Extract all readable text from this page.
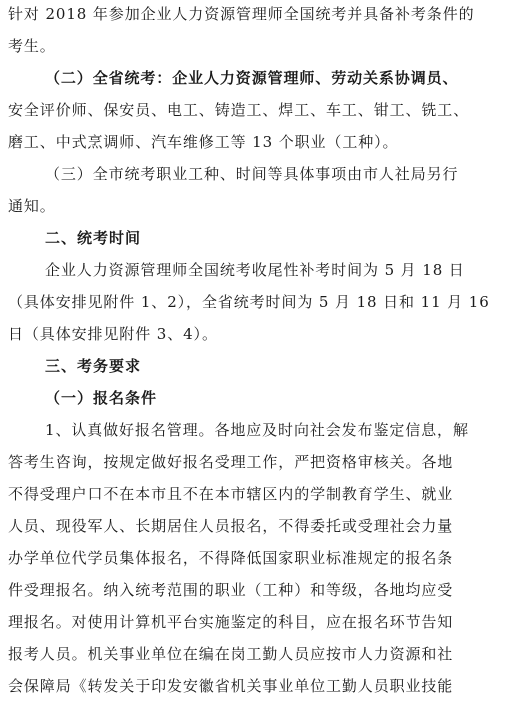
针对 2018 年参加企业人力资源管理师全国统考并具备补考条件的
考生。
（二）全省统考：企业人力资源管理师、劳动关系协调员、
安全评价师、保安员、电工、铸造工、焊工、车工、钳工、铣工、
磨工、中式烹调师、汽车维修工等 13 个职业（工种）。
（三）全市统考职业工种、时间等具体事项由市人社局另行
通知。
二、统考时间
企业人力资源管理师全国统考收尾性补考时间为 5 月 18 日
（具体安排见附件 1、2），全省统考时间为 5 月 18 日和 11 月 16
日（具体安排见附件 3、4）。
三、考务要求
（一）报名条件
1、认真做好报名管理。各地应及时向社会发布鉴定信息，解
答考生咨询，按规定做好报名受理工作，严把资格审核关。各地
不得受理户口不在本市且不在本市辖区内的学制教育学生、就业
人员、现役军人、长期居住人员报名，不得委托或受理社会力量
办学单位代学员集体报名，不得降低国家职业标准规定的报名条
件受理报名。纳入统考范围的职业（工种）和等级，各地均应受
理报名。对使用计算机平台实施鉴定的科目，应在报名环节告知
报考人员。机关事业单位在编在岗工勤人员应按市人力资源和社
会保障局《转发关于印发安徽省机关事业单位工勤人员职业技能
